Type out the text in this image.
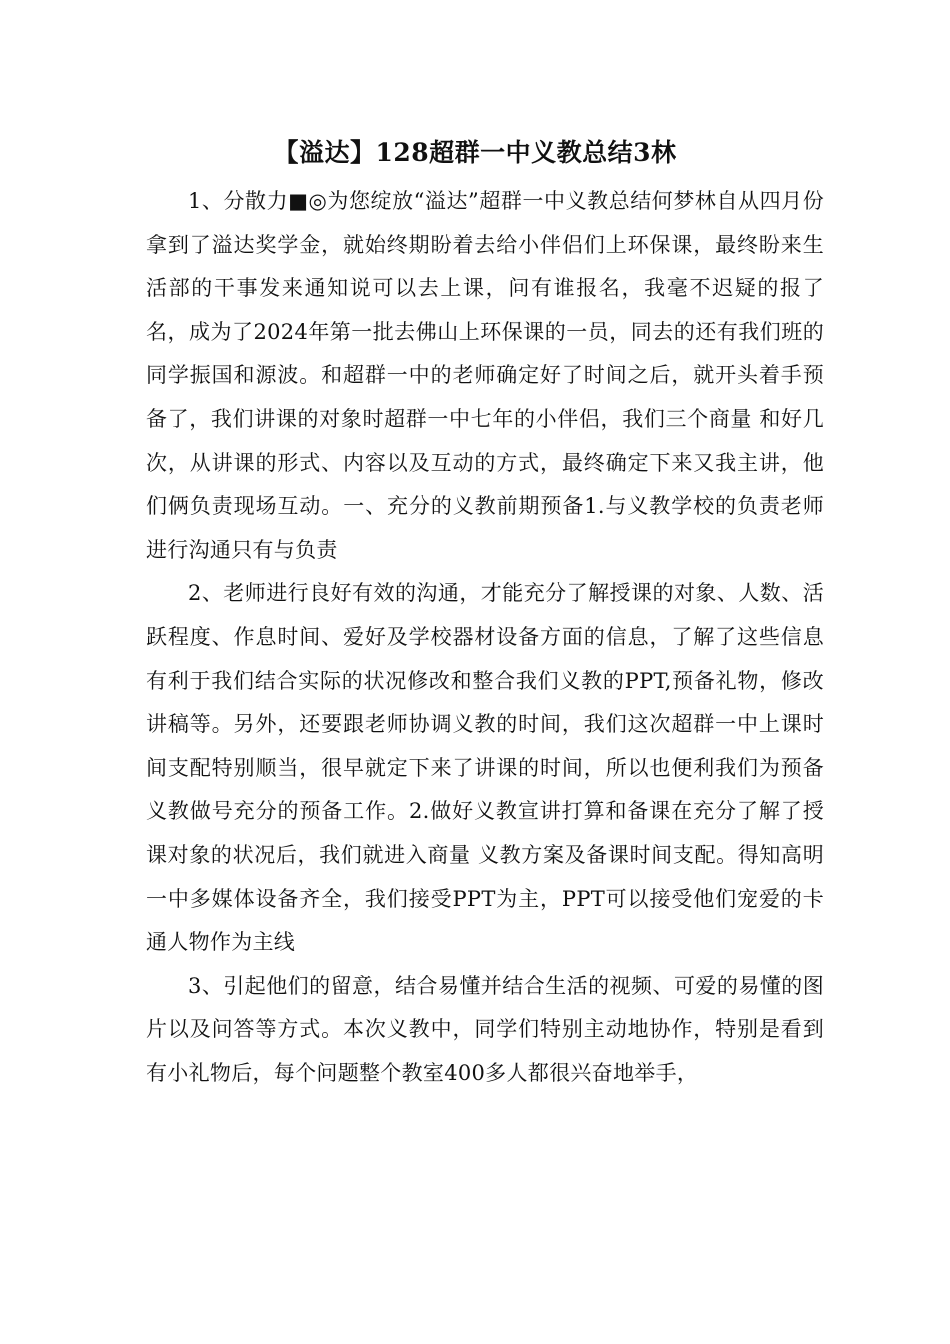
【溢达】128超群一中义教总结3林

1、分散力■◎为您绽放“溢达”超群一中义教总结何梦林自从四月份拿到了溢达奖学金，就始终期盼着去给小伴侣们上环保课，最终盼来生活部的干事发来通知说可以去上课，问有谁报名，我毫不迟疑的报了名，成为了2024年第一批去佛山上环保课的一员，同去的还有我们班的同学振国和源波。和超群一中的老师确定好了时间之后，就开头着手预备了，我们讲课的对象时超群一中七年的小伴侣，我们三个商量 和好几次，从讲课的形式、内容以及互动的方式，最终确定下来又我主讲，他们俩负责现场互动。一、充分的义教前期预备1.与义教学校的负责老师进行沟通只有与负责

2、老师进行良好有效的沟通，才能充分了解授课的对象、人数、活跃程度、作息时间、爱好及学校器材设备方面的信息，了解了这些信息有利于我们结合实际的状况修改和整合我们义教的PPT,预备礼物，修改讲稿等。另外，还要跟老师协调义教的时间，我们这次超群一中上课时间支配特别顺当，很早就定下来了讲课的时间，所以也便利我们为预备义教做号充分的预备工作。2.做好义教宣讲打算和备课在充分了解了授课对象的状况后，我们就进入商量 义教方案及备课时间支配。得知高明一中多媒体设备齐全，我们接受PPT为主，PPT可以接受他们宠爱的卡通人物作为主线

3、引起他们的留意，结合易懂并结合生活的视频、可爱的易懂的图片以及问答等方式。本次义教中，同学们特别主动地协作，特别是看到有小礼物后，每个问题整个教室400多人都很兴奋地举手，
